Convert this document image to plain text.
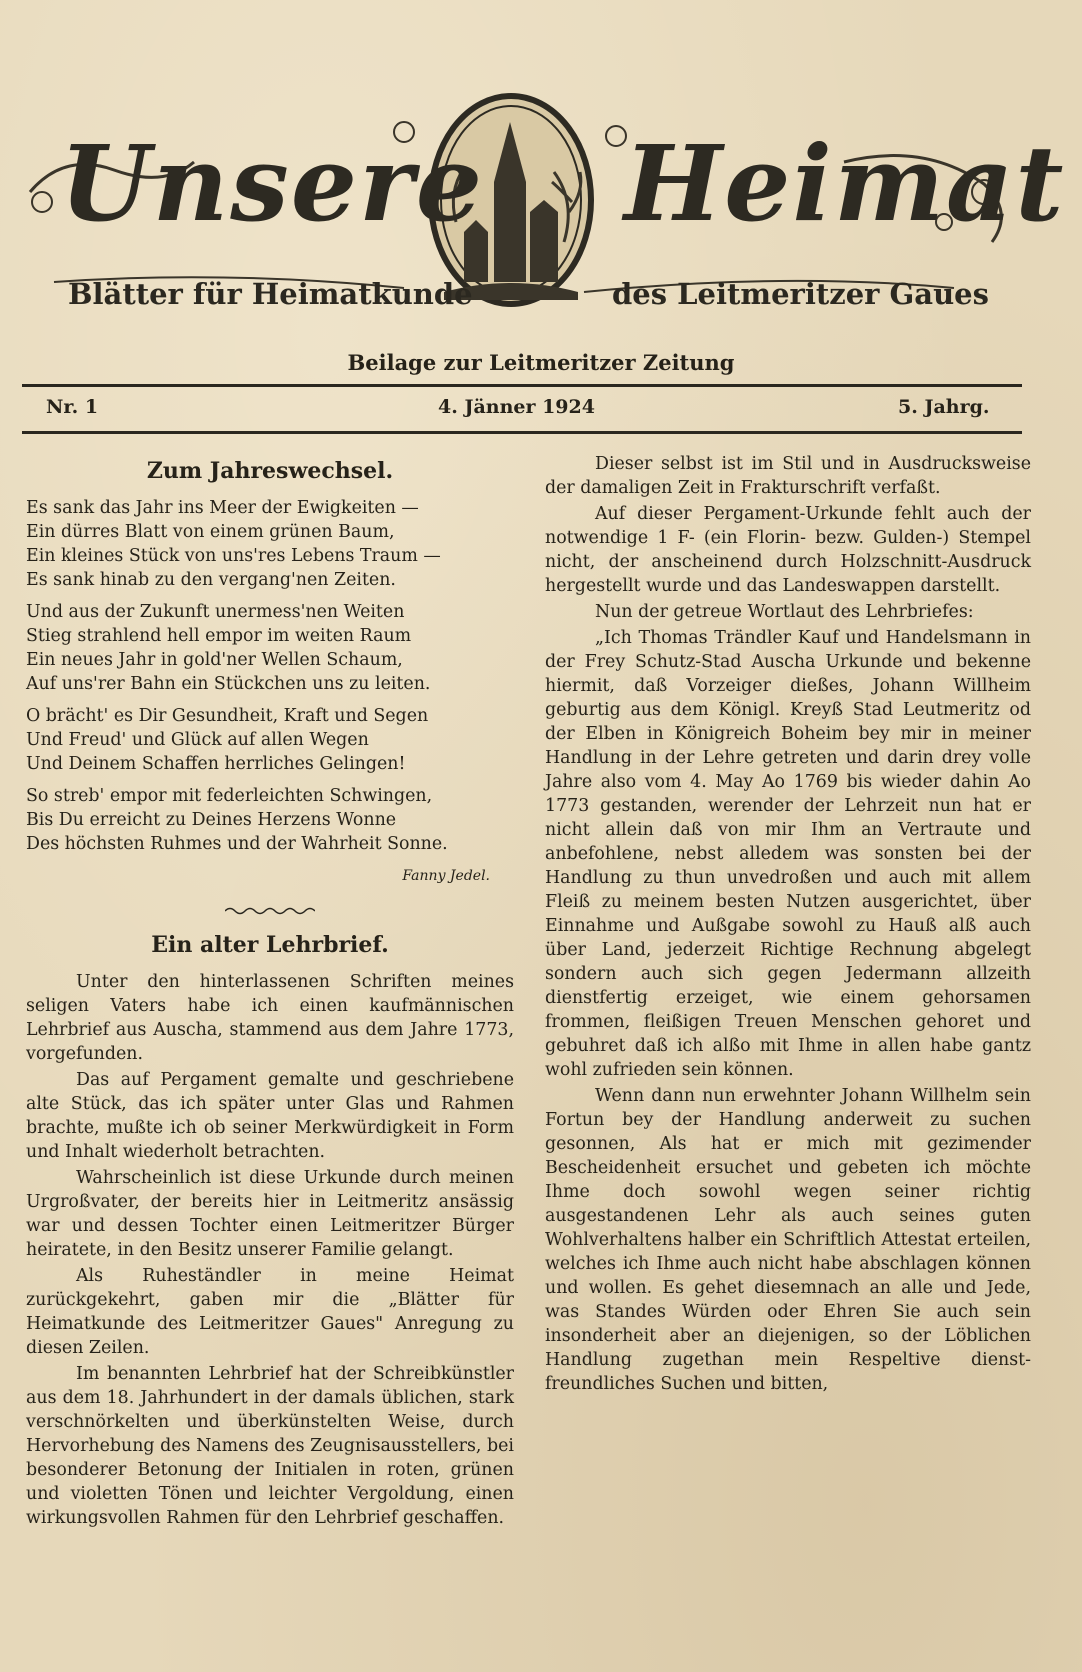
Unsere Heimat
Blätter für Heimatkunde	des Leitmeritzer Gaues
Beilage zur Leitmeritzer Zeitung
Nr. 1	4. Jänner 1924	5. Jahrg.
Zum Jahreswechsel.
Es sank das Jahr ins Meer der Ewigkeiten —
Ein dürres Blatt von einem grünen Baum,
Ein kleines Stück von uns'res Lebens Traum —
Es sank hinab zu den vergang'nen Zeiten.
Und aus der Zukunft unermess'nen Weiten
Stieg strahlend hell empor im weiten Raum
Ein neues Jahr in gold'ner Wellen Schaum,
Auf uns'rer Bahn ein Stückchen uns zu leiten.
O brächt' es Dir Gesundheit, Kraft und Segen
Und Freud' und Glück auf allen Wegen
Und Deinem Schaffen herrliches Gelingen!
So streb' empor mit federleichten Schwingen,
Bis Du erreicht zu Deines Herzens Wonne
Des höchsten Ruhmes und der Wahrheit Sonne.
Fanny Jedel.
Ein alter Lehrbrief.

Unter den hinterlassenen Schriften meines seligen Vaters habe ich einen kaufmännischen Lehrbrief aus Auscha, stammend aus dem Jahre 1773, vorgefunden.

Das auf Pergament gemalte und geschriebene alte Stück, das ich später unter Glas und Rahmen brachte, mußte ich ob seiner Merkwürdigkeit in Form und Inhalt wiederholt betrachten.

Wahrscheinlich ist diese Urkunde durch meinen Urgroßvater, der bereits hier in Leitmeritz ansässig war und dessen Tochter einen Leitmeritzer Bürger heiratete, in den Besitz unserer Familie gelangt.

Als Ruheständler in meine Heimat zurückgekehrt, gaben mir die „Blätter für Heimatkunde des Leitmeritzer Gaues" Anregung zu diesen Zeilen.

Im benannten Lehrbrief hat der Schreibkünstler aus dem 18. Jahrhundert in der damals üblichen, stark verschnörkelten und überkünstelten Weise, durch Hervorhebung des Namens des Zeugnisausstellers, bei besonderer Betonung der Initialen in roten, grünen und violetten Tönen und leichter Vergoldung, einen wirkungsvollen Rahmen für den Lehrbrief geschaffen.

Dieser selbst ist im Stil und in Ausdrucksweise der damaligen Zeit in Frakturschrift verfaßt.

Auf dieser Pergament-Urkunde fehlt auch der notwendige 1 F- (ein Florin- bezw. Gulden-) Stempel nicht, der anscheinend durch Holzschnitt-Ausdruck hergestellt wurde und das Landeswappen darstellt.

Nun der getreue Wortlaut des Lehrbriefes:

„Ich Thomas Trändler Kauf und Handelsmann in der Frey Schutz-Stad Auscha Urkunde und bekenne hiermit, daß Vorzeiger dießes, Johann Willheim geburtig aus dem Königl. Kreyß Stad Leutmeritz od der Elben in Königreich Boheim bey mir in meiner Handlung in der Lehre getreten und darin drey volle Jahre also vom 4. May Ao 1769 bis wieder dahin Ao 1773 gestanden, werender der Lehrzeit nun hat er nicht allein daß von mir Ihm an Vertraute und anbefohlene, nebst alledem was sonsten bei der Handlung zu thun unvedroßen und auch mit allem Fleiß zu meinem besten Nutzen ausgerichtet, über Einnahme und Außgabe sowohl zu Hauß alß auch über Land, jederzeit Richtige Rechnung abgelegt sondern auch sich gegen Jedermann allzeith dienstfertig erzeiget, wie einem gehorsamen frommen, fleißigen Treuen Menschen gehoret und gebuhret daß ich alßo mit Ihme in allen habe gantz wohl zufrieden sein können.

Wenn dann nun erwehnter Johann Willhelm sein Fortun bey der Handlung anderweit zu suchen gesonnen, Als hat er mich mit gezimender Bescheidenheit ersuchet und gebeten ich möchte Ihme doch sowohl wegen seiner richtig ausgestandenen Lehr als auch seines guten Wohlverhaltens halber ein Schriftlich Attestat erteilen, welches ich Ihme auch nicht habe abschlagen können und wollen. Es gehet diesemnach an alle und Jede, was Standes Würden oder Ehren Sie auch sein insonderheit aber an diejenigen, so der Löblichen Handlung zugethan mein Respeltive dienst-freundliches Suchen und bitten,
